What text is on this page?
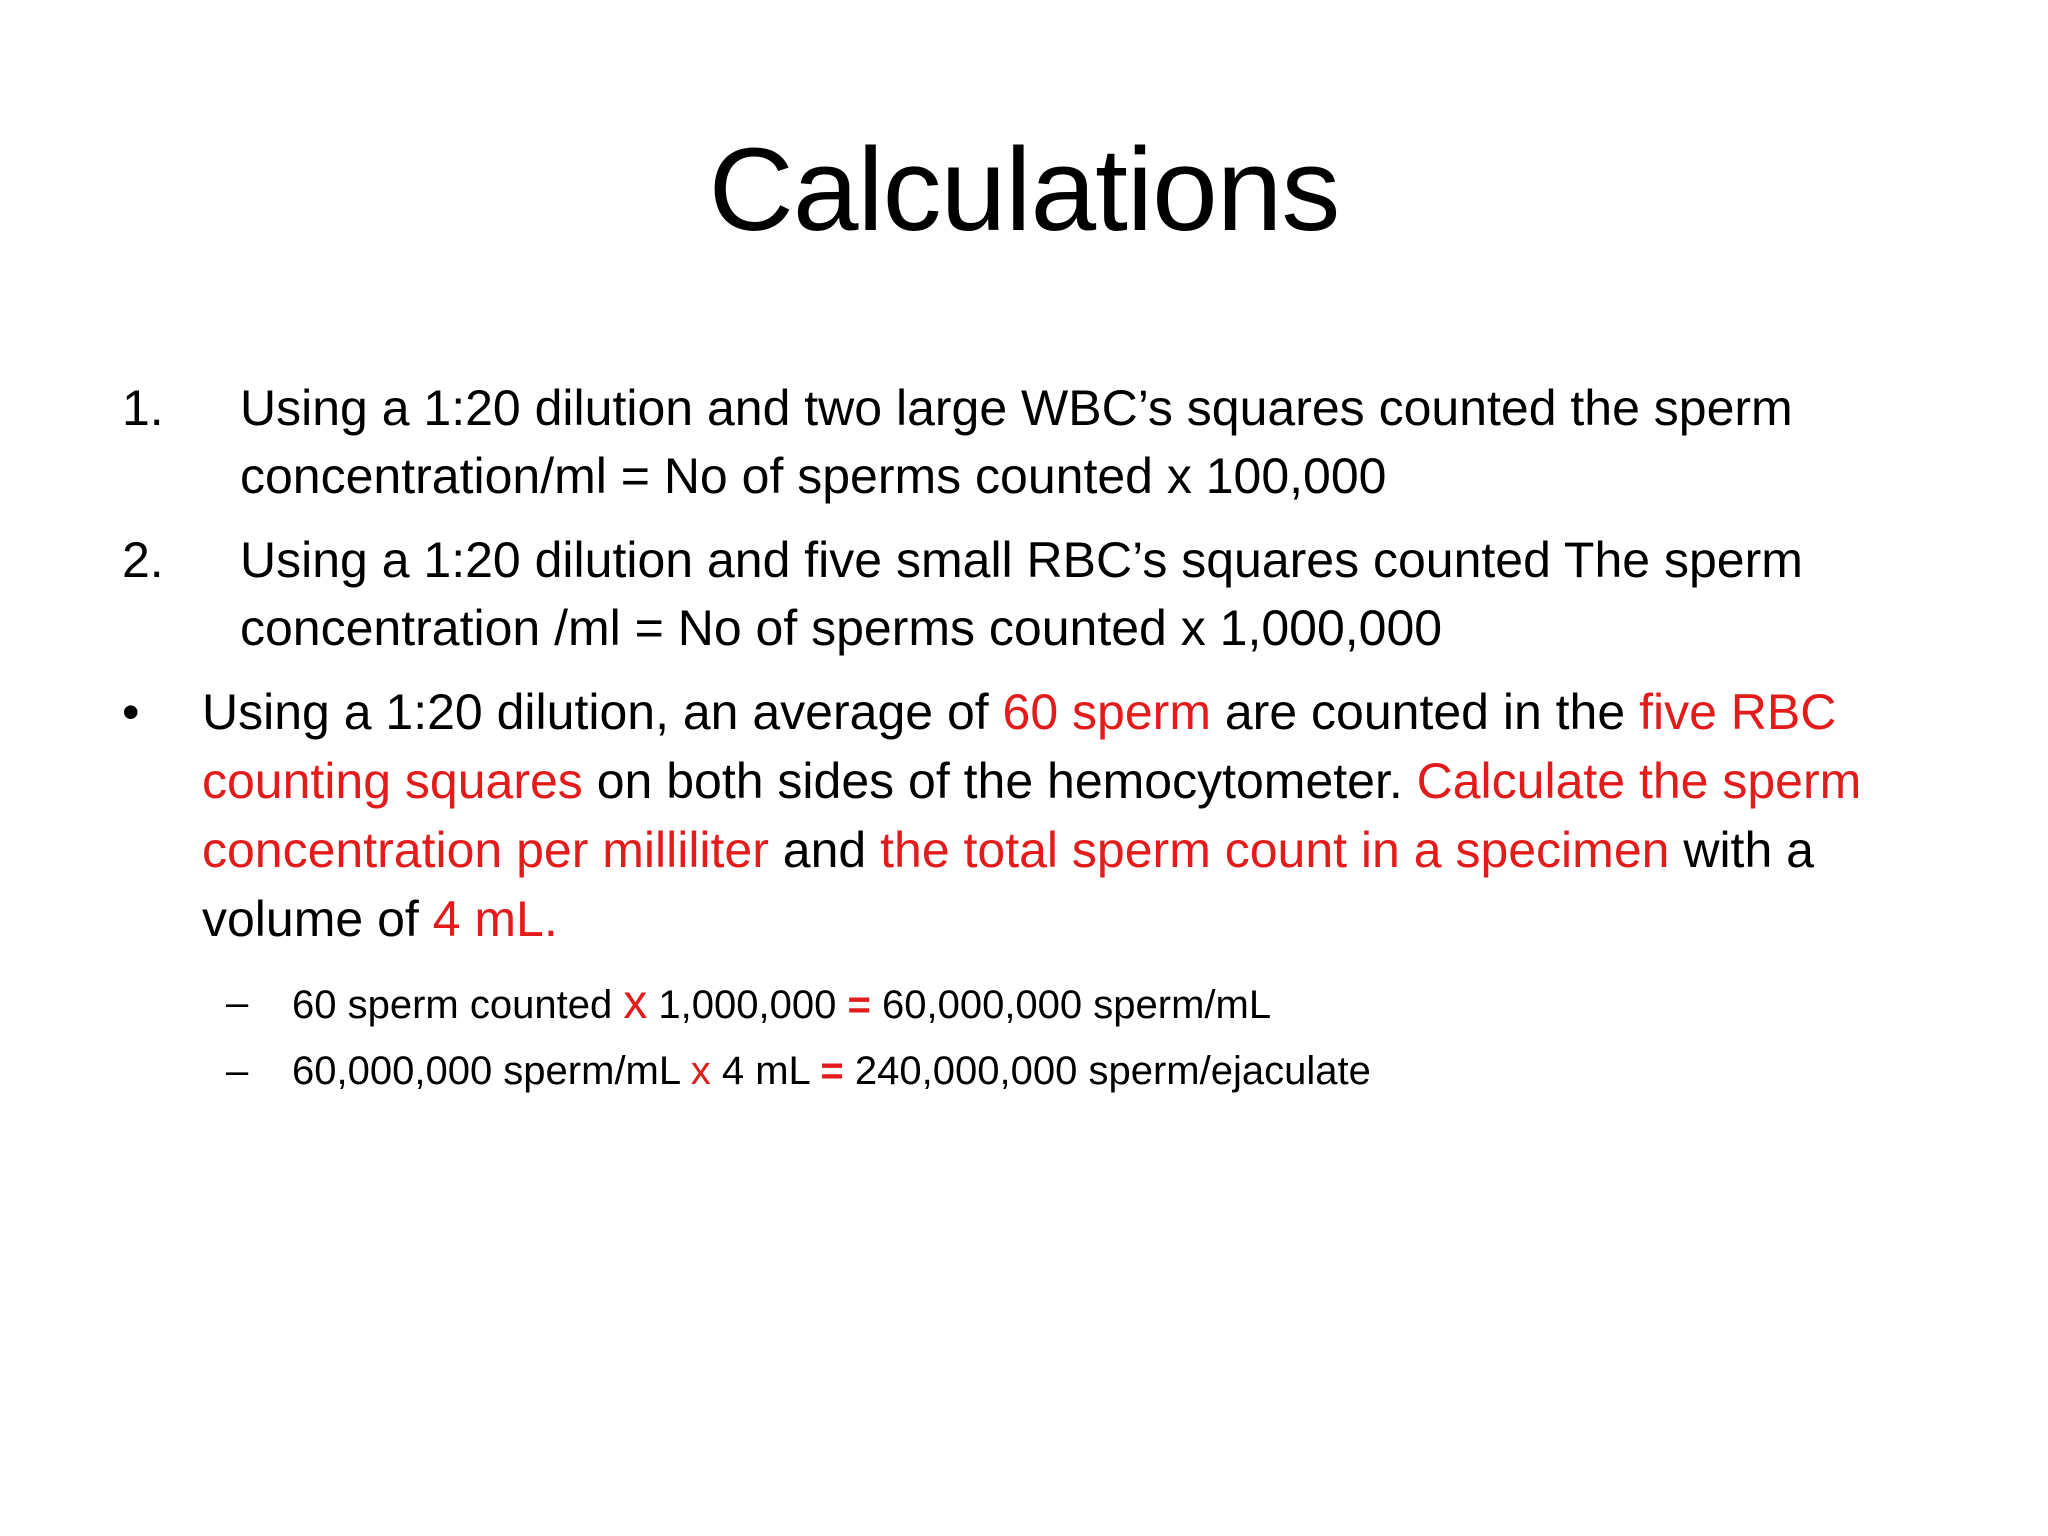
Calculations
1. Using a 1:20 dilution and two large WBC’s squares counted the sperm concentration/ml = No of sperms counted x 100,000
2. Using a 1:20 dilution and five small RBC’s squares counted The sperm concentration /ml = No of sperms counted x 1,000,000
• Using a 1:20 dilution, an average of 60 sperm are counted in the five RBC counting squares on both sides of the hemocytometer. Calculate the sperm concentration per milliliter and the total sperm count in a specimen with a volume of 4 mL.
– 60 sperm counted x 1,000,000 = 60,000,000 sperm/mL
– 60,000,000 sperm/mL x 4 mL = 240,000,000 sperm/ejaculate
